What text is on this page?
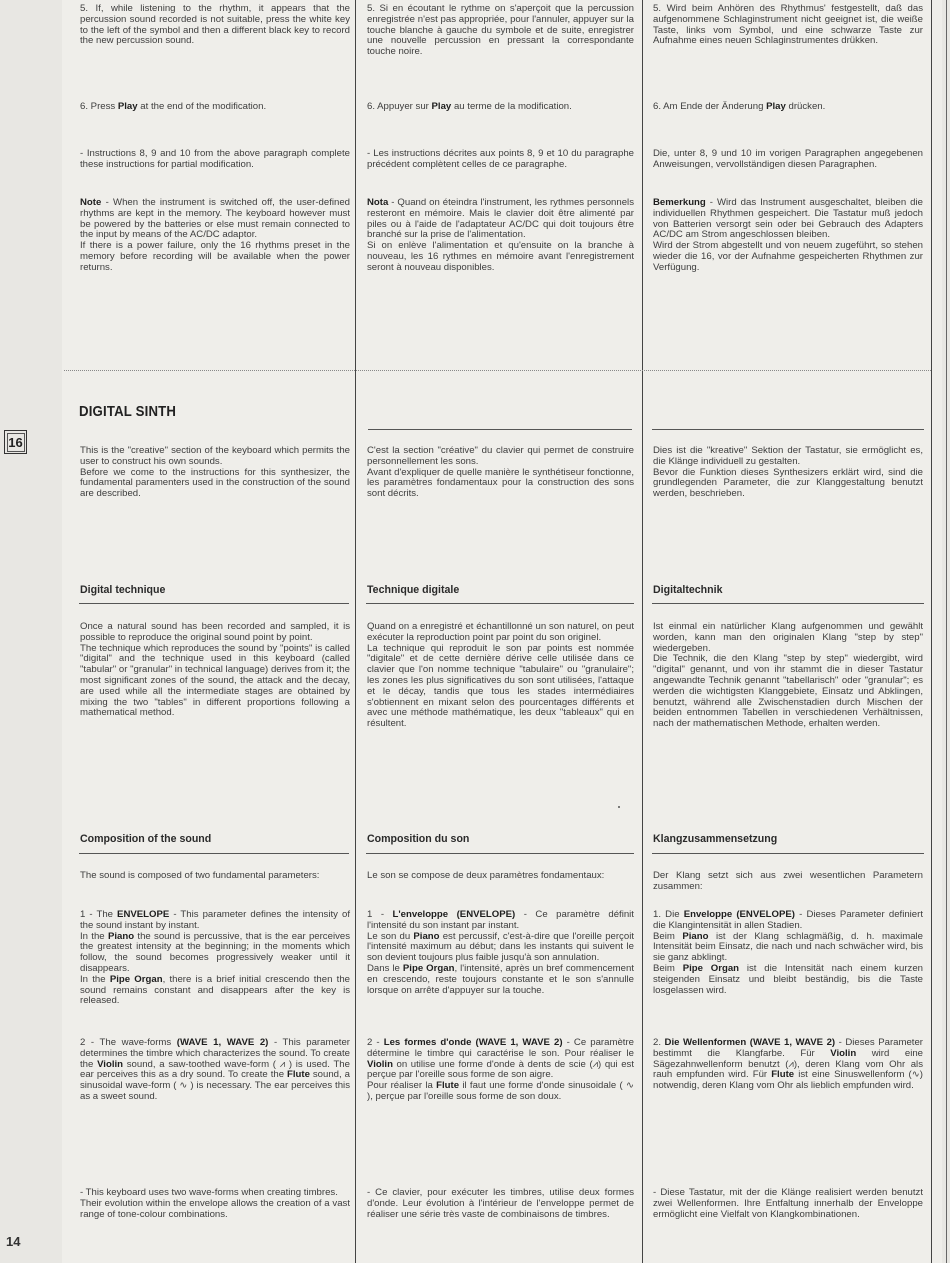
16
14
DIGITAL SINTH

5. If, while listening to the rhythm, it appears that the percussion sound recorded is not suitable, press the white key to the left of the symbol and then a different black key to record the new percussion sound.

6. Press Play at the end of the modification.

- Instructions 8, 9 and 10 from the above paragraph complete these instructions for partial modification.

Note - When the instrument is switched off, the user-defined rhythms are kept in the memory. The keyboard however must be powered by the batteries or else must remain connected to the input by means of the AC/DC adaptor.
If there is a power failure, only the 16 rhythms preset in the memory before recording will be available when the power returns.

This is the "creative" section of the keyboard which permits the user to construct his own sounds.
Before we come to the instructions for this synthesizer, the fundamental paramenters used in the construction of the sound are described.

Digital technique

Once a natural sound has been recorded and sampled, it is possible to reproduce the original sound point by point.
The technique which reproduces the sound by "points" is called "digital" and the technique used in this keyboard (called "tabular" or "granular" in technical language) derives from it; the most significant zones of the sound, the attack and the decay, are used while all the intermediate stages are obtained by mixing the two "tables" in different proportions following a mathematical method.

Composition of the sound

The sound is composed of two fundamental parameters:

1 - The ENVELOPE - This parameter defines the intensity of the sound instant by instant.
In the Piano the sound is percussive, that is the ear perceives the greatest intensity at the beginning; in the moments which follow, the sound becomes progressively weaker until it disappears.
In the Pipe Organ, there is a brief initial crescendo then the sound remains constant and disappears after the key is released.

2 - The wave-forms (WAVE 1, WAVE 2) - This parameter determines the timbre which characterizes the sound. To create the Violin sound, a saw-toothed wave-form ( ⩘ ) is used. The ear perceives this as a dry sound. To create the Flute sound, a sinusoidal wave-form ( ∿ ) is necessary. The ear perceives this as a sweet sound.

- This keyboard uses two wave-forms when creating timbres.
Their evolution within the envelope allows the creation of a vast range of tone-colour combinations.

5. Si en écoutant le rythme on s'aperçoit que la percussion enregistrée n'est pas appropriée, pour l'annuler, appuyer sur la touche blanche à gauche du symbole et de suite, enregistrer une nouvelle percussion en pressant la correspondante touche noire.

6. Appuyer sur Play au terme de la modification.

- Les instructions décrites aux points 8, 9 et 10 du paragraphe précédent complètent celles de ce paragraphe.

Nota - Quand on éteindra l'instrument, les rythmes personnels resteront en mémoire. Mais le clavier doit être alimenté par piles ou à l'aide de l'adaptateur AC/DC qui doit toujours être branché sur la prise de l'alimentation.
Si on enlève l'alimentation et qu'ensuite on la branche à nouveau, les 16 rythmes en mémoire avant l'enregistrement seront à nouveau disponibles.

C'est la section "créative" du clavier qui permet de construire personnellement les sons.
Avant d'expliquer de quelle manière le synthétiseur fonctionne, les paramètres fondamentaux pour la construction des sons sont décrits.

Technique digitale

Quand on a enregistré et échantillonné un son naturel, on peut exécuter la reproduction point par point du son originel.
La technique qui reproduit le son par points est nommée "digitale" et de cette dernière dérive celle utilisée dans ce clavier que l'on nomme technique "tabulaire" ou "granulaire"; les zones les plus significatives du son sont utilisées, l'attaque et le décay, tandis que tous les stades intermédiaires s'obtiennent en mixant selon des pourcentages différents et avec une méthode mathématique, les deux "tableaux" qui en résultent.

Composition du son

Le son se compose de deux paramètres fondamentaux:

1 - L'enveloppe (ENVELOPE) - Ce paramètre définit l'intensité du son instant par instant.
Le son du Piano est percussif, c'est-à-dire que l'oreille perçoit l'intensité maximum au début; dans les instants qui suivent le son devient toujours plus faible jusqu'à son annulation.
Dans le Pipe Organ, l'intensité, après un bref commencement en crescendo, reste toujours constante et le son s'annulle lorsque on arrête d'appuyer sur la touche.

2 - Les formes d'onde (WAVE 1, WAVE 2) - Ce paramètre détermine le timbre qui caractérise le son. Pour réaliser le Violin on utilise une forme d'onde à dents de scie (⩘) qui est perçue par l'oreille sous forme de son aigre.
Pour réaliser la Flute il faut une forme d'onde sinusoidale ( ∿ ), perçue par l'oreille sous forme de son doux.

- Ce clavier, pour exécuter les timbres, utilise deux formes d'onde. Leur évolution à l'intérieur de l'enveloppe permet de réaliser une série très vaste de combinaisons de timbres.

5. Wird beim Anhören des Rhythmus' festgestellt, daß das aufgenommene Schlaginstrument nicht geeignet ist, die weiße Taste, links vom Symbol, und eine schwarze Taste zur Aufnahme eines neuen Schlaginstrumentes drükken.

6. Am Ende der Änderung Play drücken.

Die, unter 8, 9 und 10 im vorigen Paragraphen angegebenen Anweisungen, vervollständigen diesen Paragraphen.

Bemerkung - Wird das Instrument ausgeschaltet, bleiben die individuellen Rhythmen gespeichert. Die Tastatur muß jedoch von Batterien versorgt sein oder bei Gebrauch des Adapters AC/DC am Strom angeschlossen bleiben.
Wird der Strom abgestellt und von neuem zugeführt, so stehen wieder die 16, vor der Aufnahme gespeicherten Rhythmen zur Verfügung.

Dies ist die "kreative" Sektion der Tastatur, sie ermöglicht es, die Klänge individuell zu gestalten.
Bevor die Funktion dieses Synthesizers erklärt wird, sind die grundlegenden Parameter, die zur Klanggestaltung benutzt werden, beschrieben.

Digitaltechnik

Ist einmal ein natürlicher Klang aufgenommen und gewählt worden, kann man den originalen Klang "step by step" wiedergeben.
Die Technik, die den Klang "step by step" wiedergibt, wird "digital" genannt, und von ihr stammt die in dieser Tastatur angewandte Technik genannt "tabellarisch" oder "granular"; es werden die wichtigsten Klanggebiete, Einsatz und Abklingen, benutzt, während alle Zwischenstadien durch Mischen der beiden entnommen Tabellen in verschiedenen Verhältnissen, nach der mathematischen Methode, erhalten werden.

Klangzusammensetzung

Der Klang setzt sich aus zwei wesentlichen Parametern zusammen:

1. Die Enveloppe (ENVELOPE) - Dieses Parameter definiert die Klangintensität in allen Stadien.
Beim Piano ist der Klang schlagmäßig, d. h. maximale Intensität beim Einsatz, die nach und nach schwächer wird, bis sie ganz abklingt.
Beim Pipe Organ ist die Intensität nach einem kurzen steigenden Einsatz und bleibt beständig, bis die Taste losgelassen wird.

2. Die Wellenformen (WAVE 1, WAVE 2) - Dieses Parameter bestimmt die Klangfarbe. Für Violin wird eine Sägezahnwellenform benutzt (⩘), deren Klang vom Ohr als rauh empfunden wird. Für Flute ist eine Sinuswellenform (∿) notwendig, deren Klang vom Ohr als lieblich empfunden wird.

- Diese Tastatur, mit der die Klänge realisiert werden benutzt zwei Wellenformen. Ihre Entfaltung innerhalb der Enveloppe ermöglicht eine Vielfalt von Klangkombinationen.
